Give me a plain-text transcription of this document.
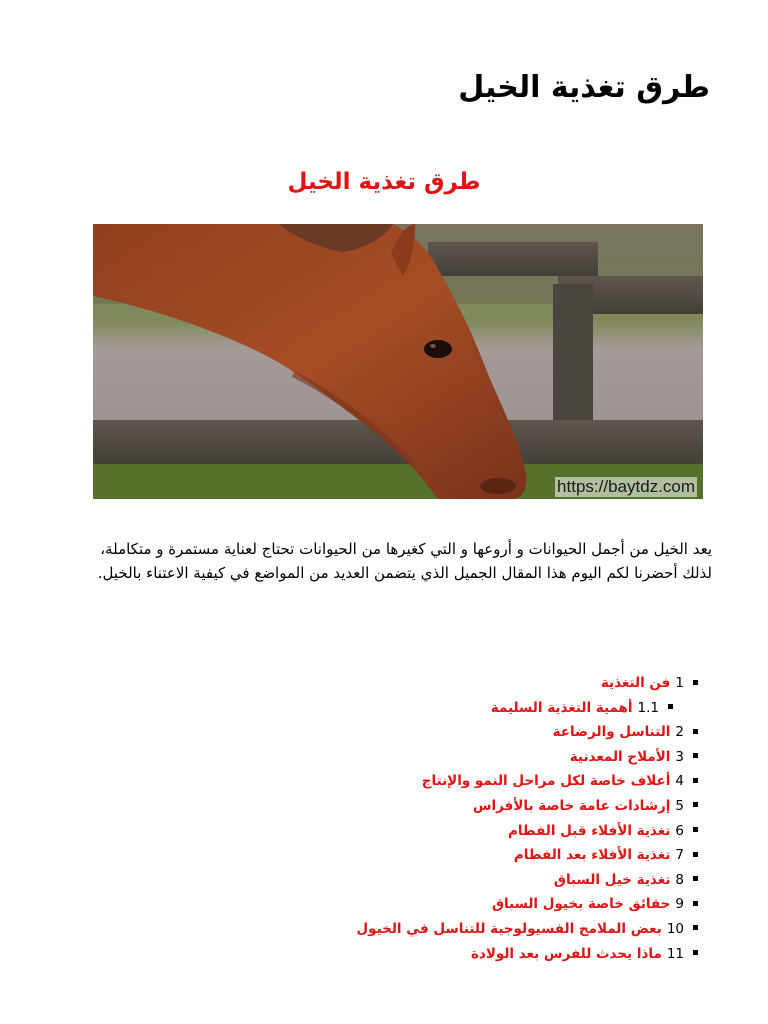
طرق تغذية الخيل
طرق تغذية الخيل
https://baytdz.com

يعد الخيل من أجمل الحيوانات و أروعها و التي كغيرها من الحيوانات تحتاج لعناية مستمرة و متكاملة،
لذلك أحضرنا لكم اليوم هذا المقال الجميل الذي يتضمن العديد من المواضع في كيفية الاعتناء بالخيل.

1فن التغذية
1.1أهمية التغذية السليمة
2التناسل والرضاعة
3الأملاح المعدنية
4أعلاف خاصة لكل مراحل النمو والإنتاج
5إرشادات عامة خاصة بالأفراس
6تغذية الأفلاء قبل الفطام
7تغذية الأفلاء بعد الفطام
8تغذية خيل السباق
9حقائق خاصة بخيول السباق
10بعض الملامح الفسيولوجية للتناسل في الخيول
11ماذا يحدث للفرس بعد الولادة
